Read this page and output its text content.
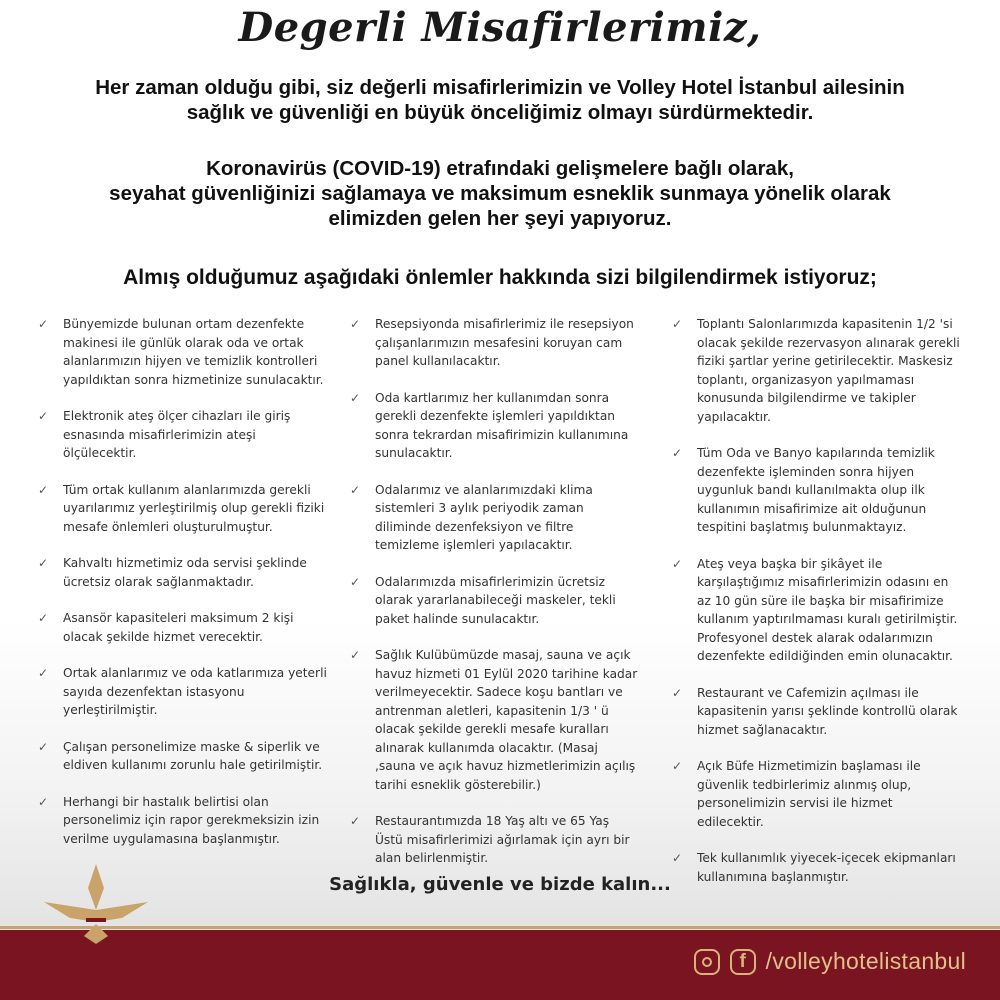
Degerli Misafirlerimiz,
Her zaman olduğu gibi, siz değerli misafirlerimizin ve Volley Hotel İstanbul ailesinin
sağlık ve güvenliği en büyük önceliğimiz olmayı sürdürmektedir.
Koronavirüs (COVID-19) etrafındaki gelişmelere bağlı olarak,
seyahat güvenliğinizi sağlamaya ve maksimum esneklik sunmaya yönelik olarak
elimizden gelen her şeyi yapıyoruz.
Almış olduğumuz aşağıdaki önlemler hakkında sizi bilgilendirmek istiyoruz;
✓ Bünyemizde bulunan ortam dezenfekte makinesi ile günlük olarak oda ve ortak alanlarımızın hijyen ve temizlik kontrolleri yapıldıktan sonra hizmetinize sunulacaktır.
✓ Elektronik ateş ölçer cihazları ile giriş esnasında misafirlerimizin ateşi ölçülecektir.
✓ Tüm ortak kullanım alanlarımızda gerekli uyarılarımız yerleştirilmiş olup gerekli fiziki mesafe önlemleri oluşturulmuştur.
✓ Kahvaltı hizmetimiz oda servisi şeklinde ücretsiz olarak sağlanmaktadır.
✓ Asansör kapasiteleri maksimum 2 kişi olacak şekilde hizmet verecektir.
✓ Ortak alanlarımız ve oda katlarımıza yeterli sayıda dezenfektan istasyonu yerleştirilmiştir.
✓ Çalışan personelimize maske & siperlik ve eldiven kullanımı zorunlu hale getirilmiştir.
✓ Herhangi bir hastalık belirtisi olan personelimiz için rapor gerekmeksizin izin verilme uygulamasına başlanmıştır.
✓ Resepsiyonda misafirlerimiz ile resepsiyon çalışanlarımızın mesafesini koruyan cam panel kullanılacaktır.
✓ Oda kartlarımız her kullanımdan sonra gerekli dezenfekte işlemleri yapıldıktan sonra tekrardan misafirimizin kullanımına sunulacaktır.
✓ Odalarımız ve alanlarımızdaki klima sistemleri 3 aylık periyodik zaman diliminde dezenfeksiyon ve filtre temizleme işlemleri yapılacaktır.
✓ Odalarımızda misafirlerimizin ücretsiz olarak yararlanabileceği maskeler, tekli paket halinde sunulacaktır.
✓ Sağlık Kulübümüzde masaj, sauna ve açık havuz hizmeti 01 Eylül 2020 tarihine kadar verilmeyecektir. Sadece koşu bantları ve antrenman aletleri, kapasitenin 1/3 ' ü olacak şekilde gerekli mesafe kuralları alınarak kullanımda olacaktır. (Masaj ,sauna ve açık havuz hizmetlerimizin açılış tarihi esneklik gösterebilir.)
✓ Restaurantımızda 18 Yaş altı ve 65 Yaş Üstü misafirlerimizi ağırlamak için ayrı bir alan belirlenmiştir.
✓ Toplantı Salonlarımızda kapasitenin 1/2 'si olacak şekilde rezervasyon alınarak gerekli fiziki şartlar yerine getirilecektir. Maskesiz toplantı, organizasyon yapılmaması konusunda bilgilendirme ve takipler yapılacaktır.
✓ Tüm Oda ve Banyo kapılarında temizlik dezenfekte işleminden sonra hijyen uygunluk bandı kullanılmakta olup ilk kullanımın misafirimize ait olduğunun tespitini başlatmış bulunmaktayız.
✓ Ateş veya başka bir şikâyet ile karşılaştığımız misafirlerimizin odasını en az 10 gün süre ile başka bir misafirimize kullanım yaptırılmaması kuralı getirilmiştir. Profesyonel destek alarak odalarımızın dezenfekte edildiğinden emin olunacaktır.
✓ Restaurant ve Cafemizin açılması ile kapasitenin yarısı şeklinde kontrollü olarak hizmet sağlanacaktır.
✓ Açık Büfe Hizmetimizin başlaması ile güvenlik tedbirlerimiz alınmış olup, personelimizin servisi ile hizmet edilecektir.
✓ Tek kullanımlık yiyecek-içecek ekipmanları kullanımına başlanmıştır.
Sağlıkla, güvenle ve bizde kalın...
f /volleyhotelistanbul
